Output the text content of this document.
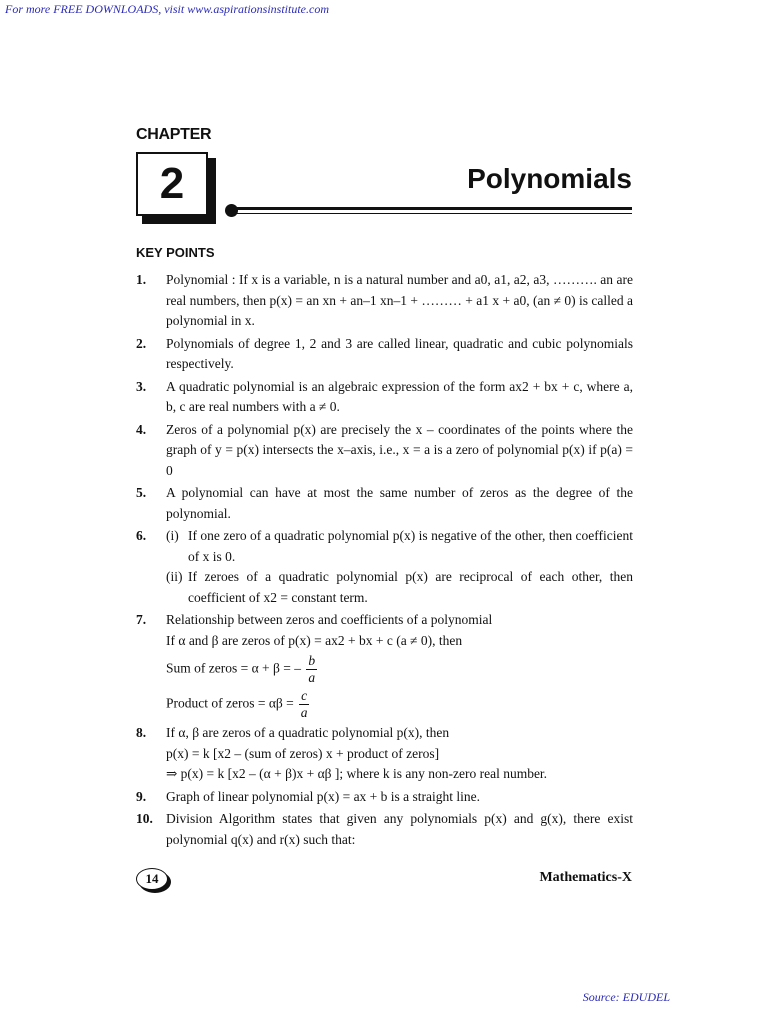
For more FREE DOWNLOADS, visit www.aspirationsinstitute.com
CHAPTER
2	Polynomials
KEY POINTS
1.	Polynomial : If x is a variable, n is a natural number and a0, a1, a2, a3, ………. an are real numbers, then p(x) = an xn + an–1 xn–1 + ……… + a1 x + a0, (an ≠ 0) is called a polynomial in x.
2.	Polynomials of degree 1, 2 and 3 are called linear, quadratic and cubic polynomials respectively.
3.	A quadratic polynomial is an algebraic expression of the form ax2 + bx + c, where a, b, c are real numbers with a ≠ 0.
4.	Zeros of a polynomial p(x) are precisely the x – coordinates of the points where the graph of y = p(x) intersects the x–axis, i.e., x = a is a zero of polynomial p(x) if p(a) = 0
5.	A polynomial can have at most the same number of zeros as the degree of the polynomial.
6.	(i) If one zero of a quadratic polynomial p(x) is negative of the other, then coefficient of x is 0.
(ii) If zeroes of a quadratic polynomial p(x) are reciprocal of each other, then coefficient of x2 = constant term.
7.	Relationship between zeros and coefficients of a polynomial
If α and β are zeros of p(x) = ax2 + bx + c (a ≠ 0), then
Sum of zeros = α + β = – $\frac{b}{a}$
Product of zeros = $\alpha\beta = \frac{c}{a}$
8.	If α, β are zeros of a quadratic polynomial p(x), then
p(x) = k [x2 – (sum of zeros) x + product of zeros]
⇒ p(x) = k [x2 – (α + β)x + αβ ]; where k is any non-zero real number.
9.	Graph of linear polynomial p(x) = ax + b is a straight line.
10. Division Algorithm states that given any polynomials p(x) and g(x), there exist polynomial q(x) and r(x) such that:
14	Mathematics-X
Source: EDUDEL
